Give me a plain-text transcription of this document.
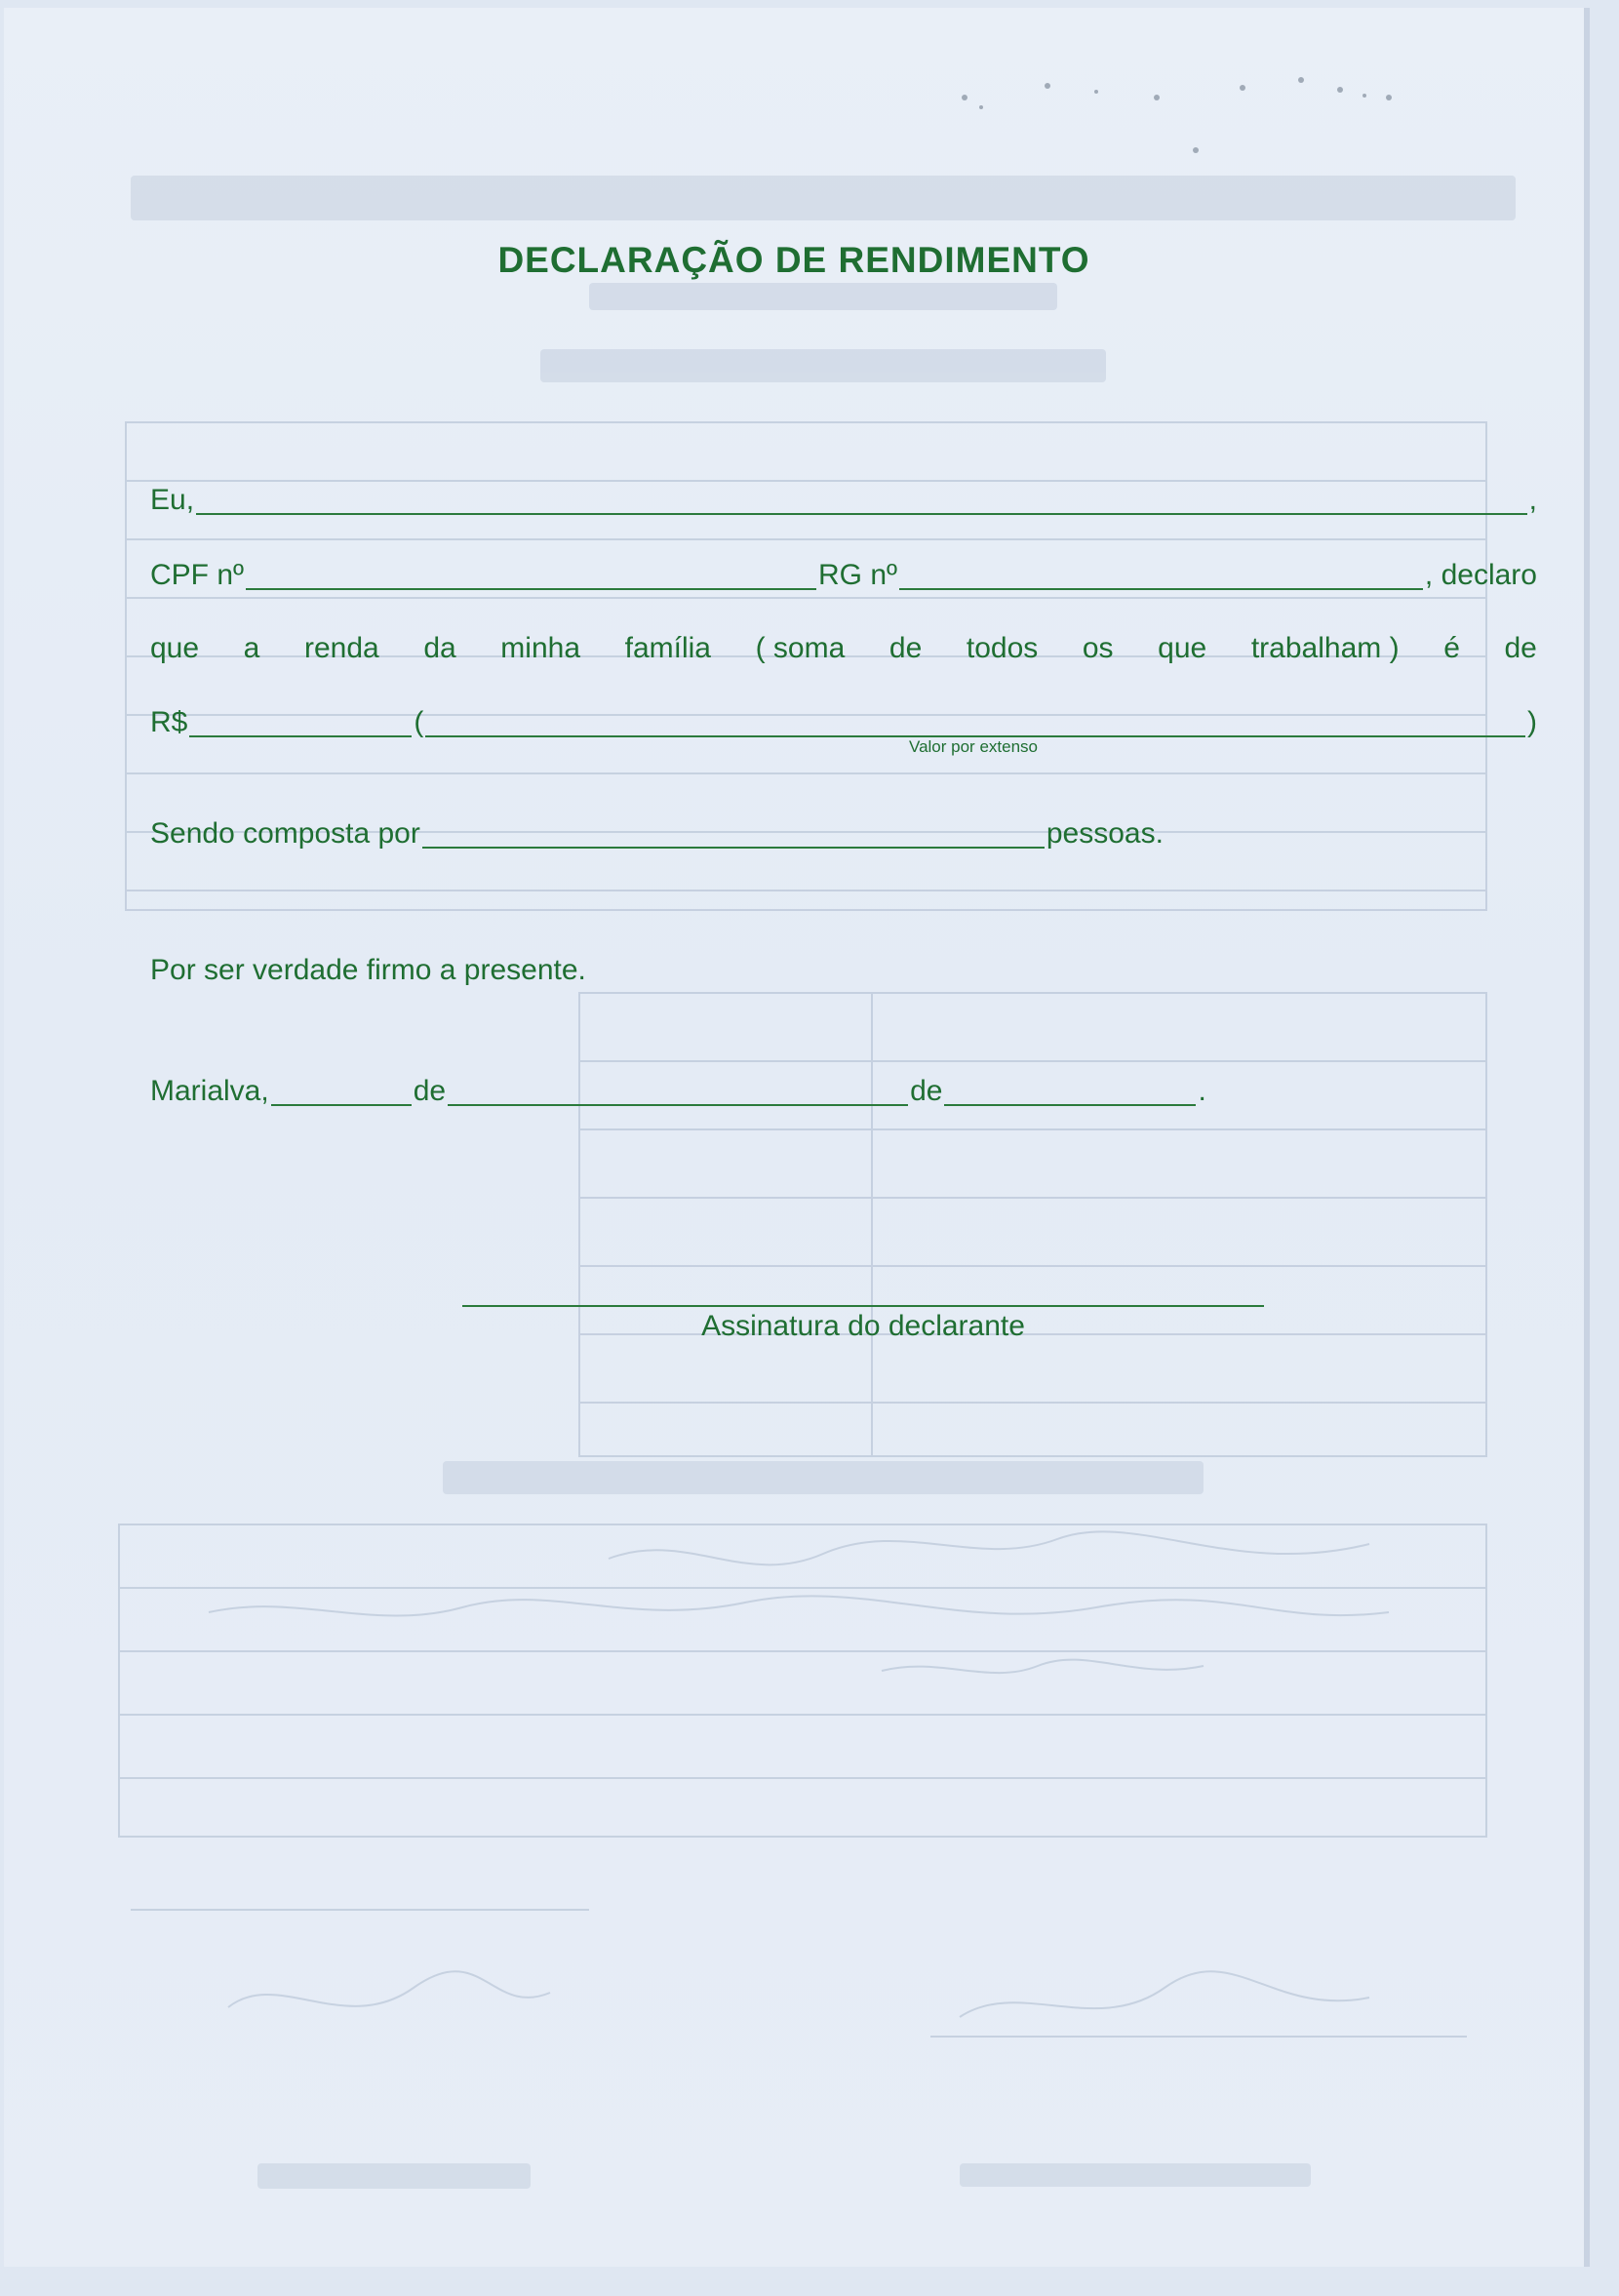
DECLARAÇÃO DE RENDIMENTO
Eu,	,
CPF nº	RG nº	, declaro
que a renda da minha família ( soma de todos os que trabalham ) é de
R$	(	)
Valor por extenso
Sendo composta por	pessoas.
Por ser verdade firmo a presente.
Marialva,	de	de	.
Assinatura do declarante
